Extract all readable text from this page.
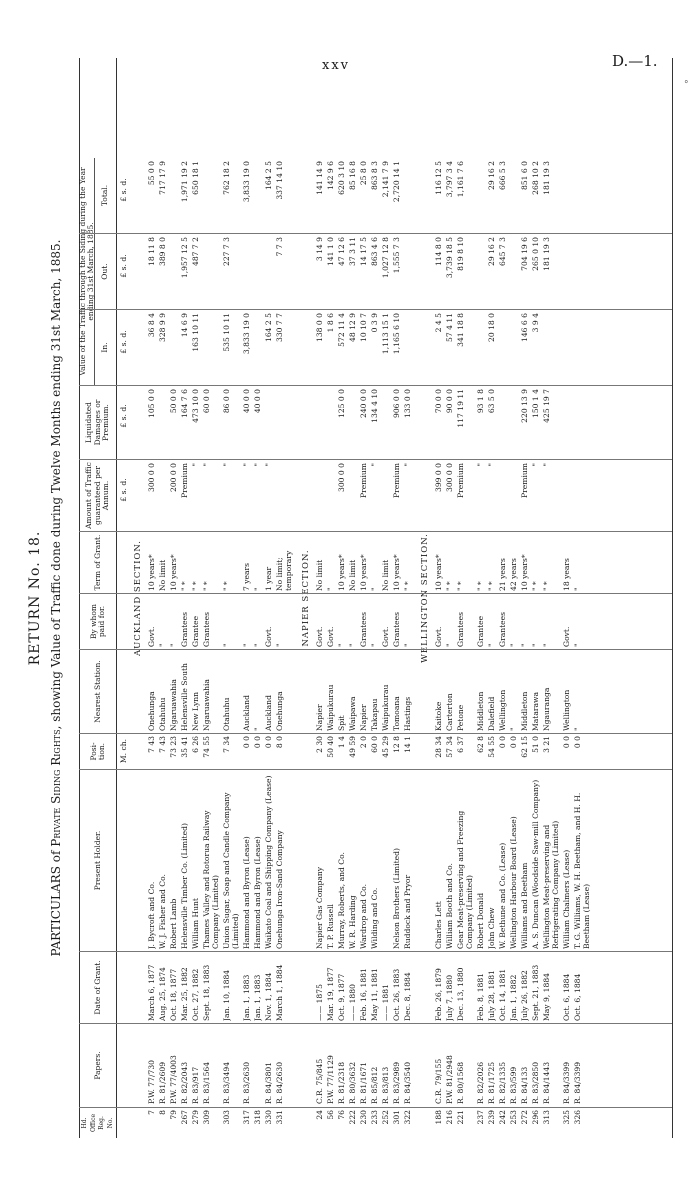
xxv	D.—1.
°
RETURN No. 18.
PARTICULARS of Private Siding Rights, showing Value of Traffic done during Twelve Months ending 31st March, 1885.
Hd. Office Reg. No.
Papers.
Date of Grant.
Present Holder.
Posi-tion.
Nearest Station.
By whom paid for.
Term of Grant.
Amount of Traffic guaranteed per Annum.
Liquidated Damages or Premium.
Value of the Traffic through the Siding during the Year ending 31st March, 1885.
In.
Out.
Total.
M. ch.
£ s. d.
£ s. d.
£ s. d.
£ s. d.
£ s. d.
AUCKLAND SECTION.
7
P.W. 77/730
March 6, 1877
J. Bycroft and Co.
7 43
Onehunga
Govt.
10 years*
300 0 0
105 0 0
36 8 4
18 11 8
55 0 0
8
R. 81/2609
Aug. 25, 1874
W. J. Fisher and Co.
7 43
Otahuhu
"
No limit
328 9 9
389 8 0
717 17 9
79
P.W. 77/4003
Oct. 18, 1877
Robert Lamb
73 23
Ngaruawahia
"
10 years*
200 0 0
50 0 0
267
R. 82/2043
Mar. 25, 1882
Helensville Timber Co. (Limited)
35 41
Helensville South
Grantees
" *
Premium
164 7 6
14 6 9
1,957 12 5
1,971 19 2
279
R. 83/917
Oct. 27, 1882
William Hunt
6 26
New Lynn
Grantee
" *
"
473 10 0
163 10 11
487 7 2
650 18 1
309
R. 83/1564
Sept. 18, 1883
Thames Valley and Rotorua Railway Company (Limited)
74 55
Ngaruawahia
Grantees
" *
"
60 0 0
303
R. 83/3494
Jan. 10, 1884
Union Sugar, Soap and Candle Company (Limited)
7 34
Otahuhu
"
" *
"
86 0 0
535 10 11
227 7 3
762 18 2
317
R. 83/2630
Jan. 1, 1883
Hammond and Byron (Lease)
0 0
Auckland
"
7 years
"
40 0 0
3,833 19 0
3,833 19 0
318
Jan. 1, 1883
Hammond and Byron (Lease)
0 0
"
"
"
"
40 0 0
330
R. 84/3801
Nov. 1, 1884
Waikato Coal and Shipping Company (Lease)
0 0
Auckland
Govt.
1 year
"
164 2 5
164 2 5
331
R. 84/2630
March 1, 1884
Onehunga Iron-Sand Company
8 0
Onehunga
"
No limit; temporary
330 7 7
7 7 3
337 14 10
NAPIER SECTION.
24
C.R. 75/845
—— 1875
Napier Gas Company
2 30
Napier
Govt.
No limit
138 0 0
3 14 9
141 14 9
56
P.W. 77/1129
Mar. 19, 1877
T. P. Russell
50 40
Waipukurau
Govt.
"
1 8 6
141 1 0
142 9 6
76
R. 81/2318
Oct. 9, 1877
Murray, Roberts, and Co.
1 4
Spit
"
10 years*
300 0 0
125 0 0
572 11 4
47 12 6
620 3 10
222
R. 80/3632
—— 1880
W. R. Harding
49 59
Waipawa
"
No limit
48 12 9
37 3 11
85 16 8
230
R. 81/1671
Feb. 16, 1881
Wardrop and Co.
2 0
Napier
Grantees
10 years*
Premium
240 0 0
10 10 7
14 17 5
25 8 0
233
R. 85/812
May 11, 1881
Wilding and Co.
60 0
Takapau
"
"
"
134 4 10
0 3 9
863 4 6
863 8 3
252
R. 83/813
—— 1881
45 29
Waipukurau
Govt.
No limit
1,113 15 1
1,027 12 8
2,141 7 9
301
R. 83/2989
Oct. 26, 1883
Nelson Brothers (Limited)
12 8
Tomoana
Grantees
10 years*
Premium
906 0 0
1,165 6 10
1,555 7 3
2,720 14 1
322
R. 84/3540
Dec. 8, 1884
Ruddock and Pryor
14 1
Hastings
"
" *
"
133 0 0
WELLINGTON SECTION.
188
C.R. 79/155
Feb. 26, 1879
Charles Lett
28 34
Kaitoke
Govt.
10 years*
399 0 0
70 0 0
2 4 5
114 8 0
116 12 5
216
P.W. 81/2948
July 7, 1880
William Booth and Co.
57 34
Carterton
"
" *
300 0 0
90 0 0
57 4 11
3,739 18 5
3,797 3 4
221
R. 80/1568
Dec. 13, 1880
Gear Meat-preserving and Freezing Company (Limited)
6 37
Petone
Grantees
" *
Premium
117 19 11
341 18 8
819 8 10
1,161 7 6
237
R. 82/2026
Feb. 8, 1881
Robert Donald
62 8
Middleton
Grantee
" *
"
93 1 8
239
R. 81/1725
July 28, 1881
John Chew
54 55
Dalefield
"
" *
"
63 5 0
20 18 0
29 16 2
29 16 2
242
R. 82/1335
Oct. 14, 1881
W. Bethune and Co. (Lease)
0 0
Wellington
Grantees
21 years
645 7 3
666 5 3
253
R. 83/599
Jan. 1, 1882
Wellington Harbour Board (Lease)
0 0
"
"
42 years
272
R. 84/133
July 26, 1882
Williams and Beetham
62 15
Middleton
"
10 years*
Premium
220 13 9
146 6 6
704 19 6
851 6 0
296
R. 83/2850
Sept. 21, 1883
A. S. Duncan (Woodside Saw-mill Company)
51 0
Matarawa
"
" *
"
150 1 4
3 9 4
265 0 10
268 10 2
313
R. 84/1443
May 9, 1884
Wellington Meat-preserving and Refrigerating Company (Limited)
3 21
Ngauranga
"
" *
"
425 19 7
181 19 3
181 19 3
325
R. 84/3399
Oct. 6, 1884
William Chalmers (Lease)
0 0
Wellington
Govt.
18 years
326
R. 84/3399
Oct. 6, 1884
T. G. Williams, W. H. Beetham, and H. H. Beetham (Lease)
0 0
"
"
"
